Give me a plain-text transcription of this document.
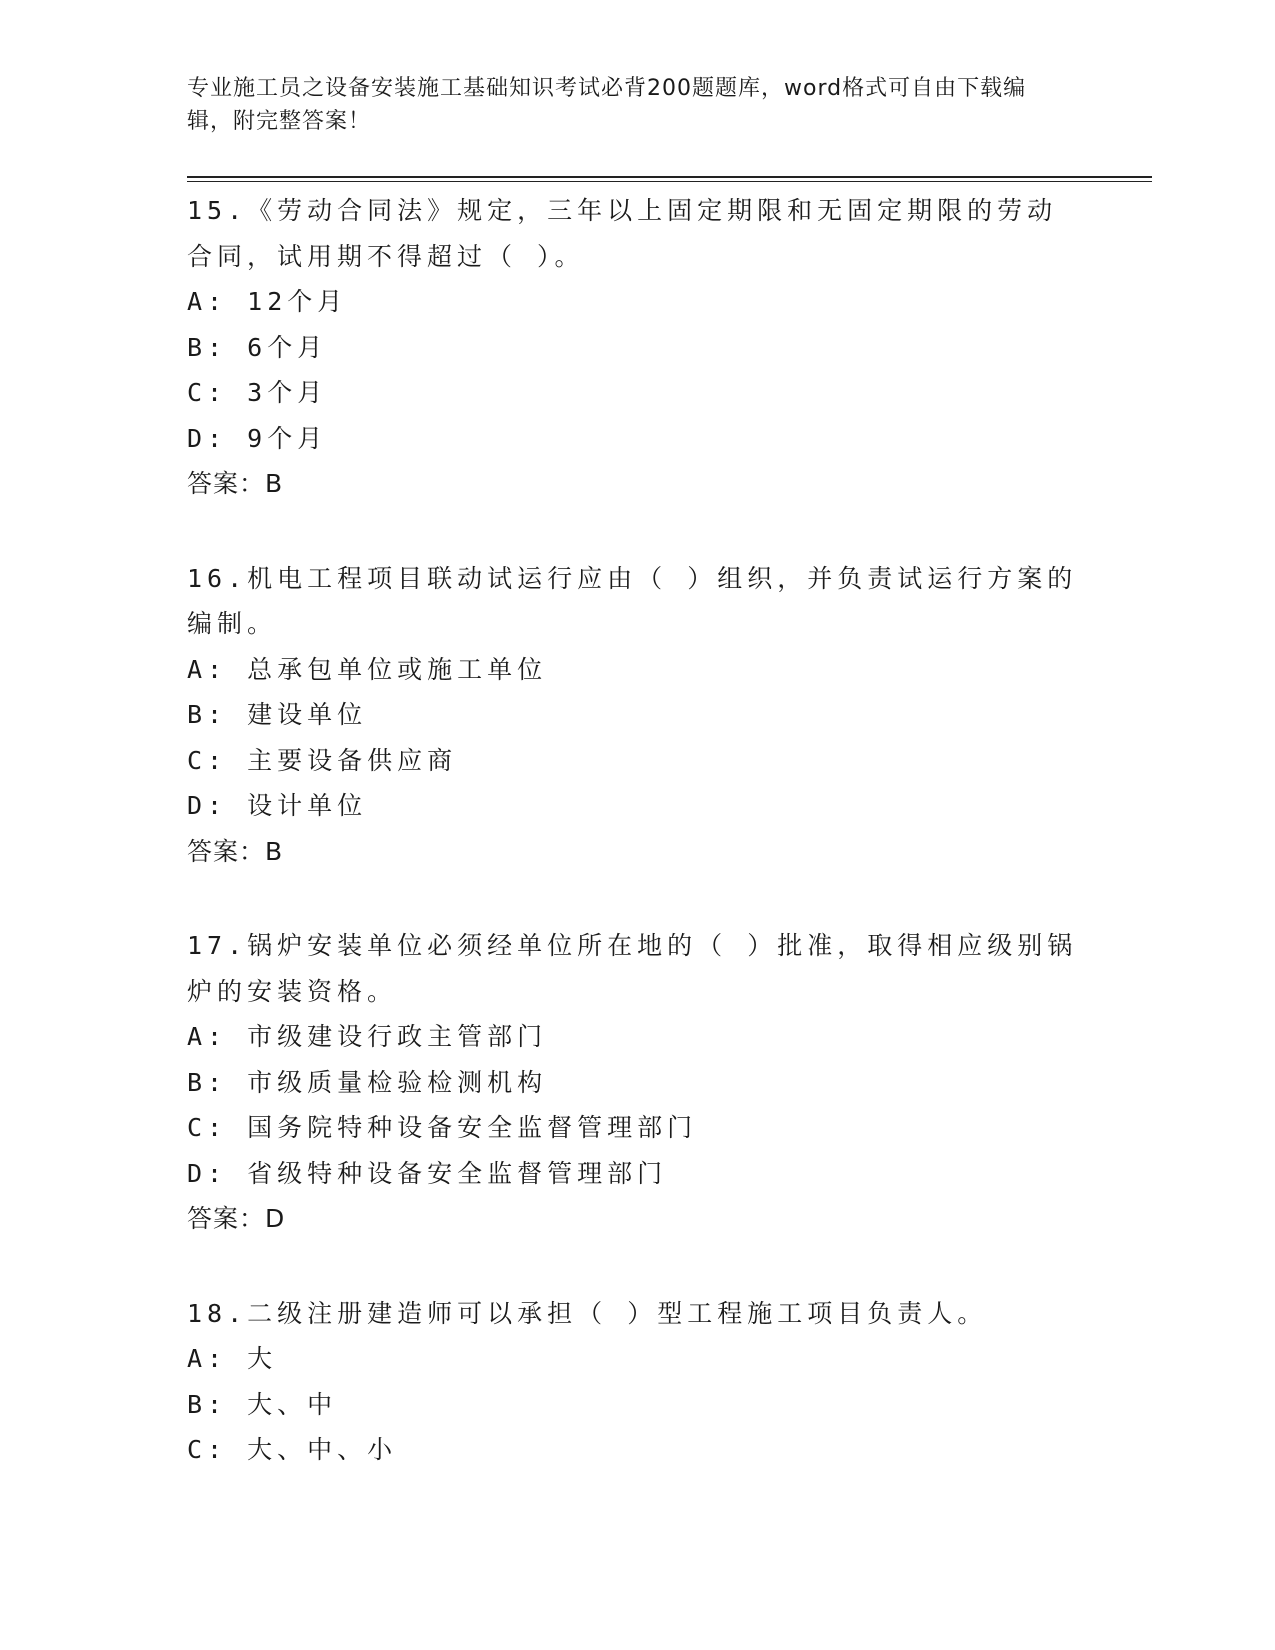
专业施工员之设备安装施工基础知识考试必背200题题库，word格式可自由下载编辑，附完整答案！

15.《劳动合同法》规定，三年以上固定期限和无固定期限的劳动合同，试用期不得超过（ ）。

A: 12个月

B: 6个月

C: 3个月

D: 9个月

答案：B

16.机电工程项目联动试运行应由（ ）组织，并负责试运行方案的编制。

A: 总承包单位或施工单位

B: 建设单位

C: 主要设备供应商

D: 设计单位

答案：B

17.锅炉安装单位必须经单位所在地的（ ）批准，取得相应级别锅炉的安装资格。

A: 市级建设行政主管部门

B: 市级质量检验检测机构

C: 国务院特种设备安全监督管理部门

D: 省级特种设备安全监督管理部门

答案：D

18.二级注册建造师可以承担（ ）型工程施工项目负责人。

A: 大

B: 大、中

C: 大、中、小
